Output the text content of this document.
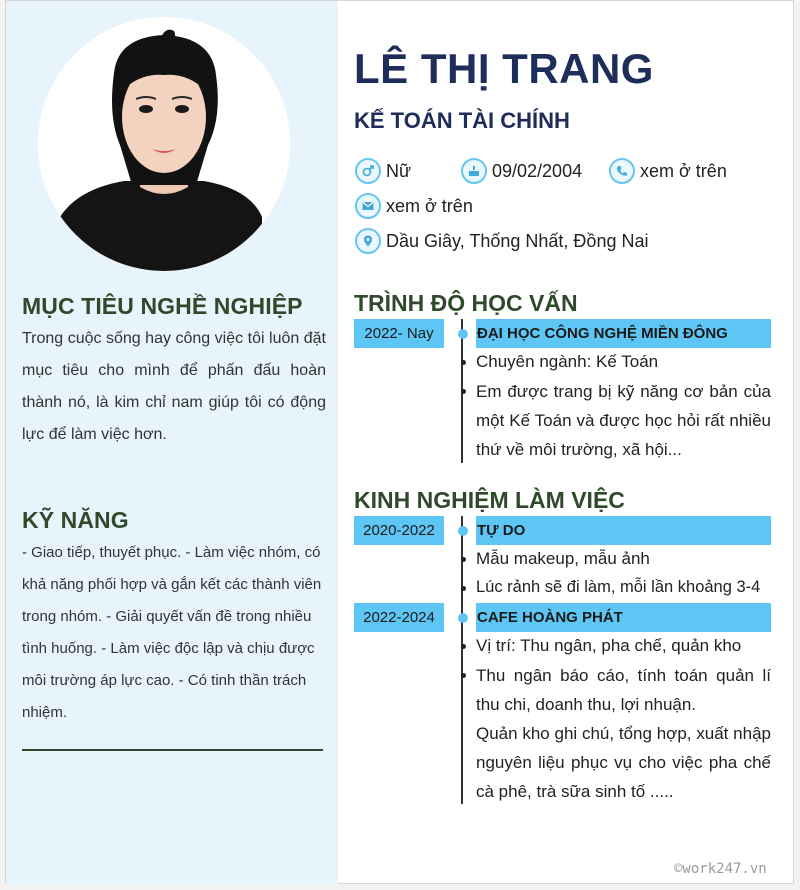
MỤC TIÊU NGHỀ NGHIỆP
Trong cuộc sống hay công việc tôi luôn đặt mục tiêu cho mình để phấn đấu hoàn thành nó, là kim chỉ nam giúp tôi có động lực để làm việc hơn.
KỸ NĂNG
- Giao tiếp, thuyết phục. - Làm việc nhóm, có khả năng phối hợp và gắn kết các thành viên trong nhóm. - Giải quyết vấn đề trong nhiều tình huống. - Làm việc độc lập và chịu được môi trường áp lực cao. - Có tinh thần trách nhiệm.
LÊ THỊ TRANG
KẾ TOÁN TÀI CHÍNH
Nữ	09/02/2004	xem ở trên
xem ở trên
Dầu Giây, Thống Nhất, Đồng Nai
TRÌNH ĐỘ HỌC VẤN
2022- Nay	ĐẠI HỌC CÔNG NGHỆ MIỀN ĐÔNG
Chuyên ngành: Kế Toán
Em được trang bị kỹ năng cơ bản của một Kế Toán và được học hỏi rất nhiều thứ về môi trường, xã hội...
KINH NGHIỆM LÀM VIỆC
2020-2022	TỰ DO
Mẫu makeup, mẫu ảnh
Lúc rảnh sẽ đi làm, mỗi lần khoảng 3-4
2022-2024	CAFE HOÀNG PHÁT
Vị trí: Thu ngân, pha chế, quản kho
Thu ngân báo cáo, tính toán quản lí thu chi, doanh thu, lợi nhuận.
Quản kho ghi chú, tổng hợp, xuất nhập nguyên liệu phục vụ cho việc pha chế cà phê, trà sữa sinh tố .....
©work247.vn
